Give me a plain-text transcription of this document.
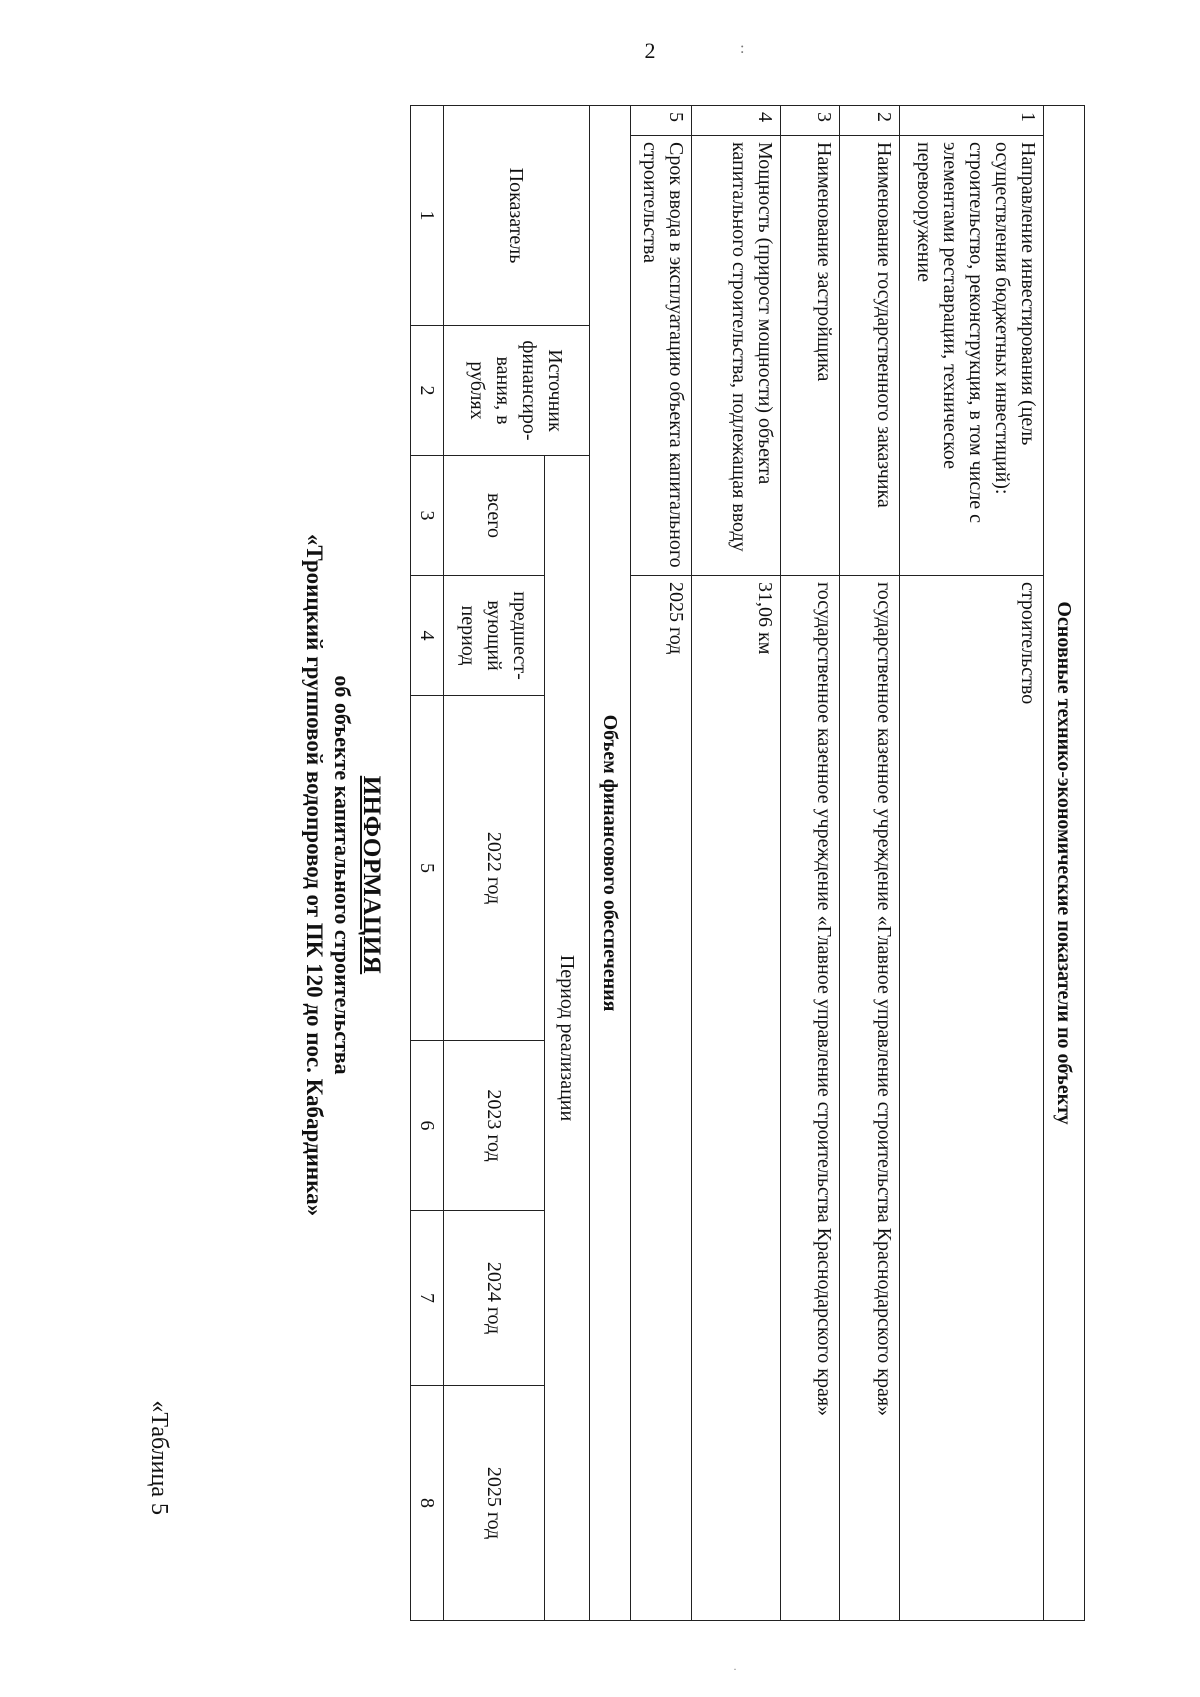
2	:
·
«Таблица 5
ИНФОРМАЦИЯ
об объекте капитального строительства
«Троицкий групповой водопровод от ПК 120 до пос. Кабардинка»	Основные технико-экономические показатели по объекту								
1	Направление инвестирования (цель осуществления бюджетных инвестиций): строительство, реконструкция, в том числе с элементами реставрации, техническое перевооружение			строительство				
2	Наименование государственного заказчика			государственное казенное учреждение «Главное управление строительства Краснодарского края»				
3	Наименование застройщика			государственное казенное учреждение «Главное управление строительства Краснодарского края»				
4	Мощность (прирост мощности) объекта капитального строительства, подлежащая вводу			31,06 км				
5	Срок ввода в эксплуатацию объекта капитального строительства			2025 год				
Объем финансового обеспечения								
Показатель		Источник финансиро-вания, в рублях	Период реализации					
			всего	предшест-вующий период	2022 год	2023 год	2024 год	2025 год
1		2	3	4	5	6	7	8
